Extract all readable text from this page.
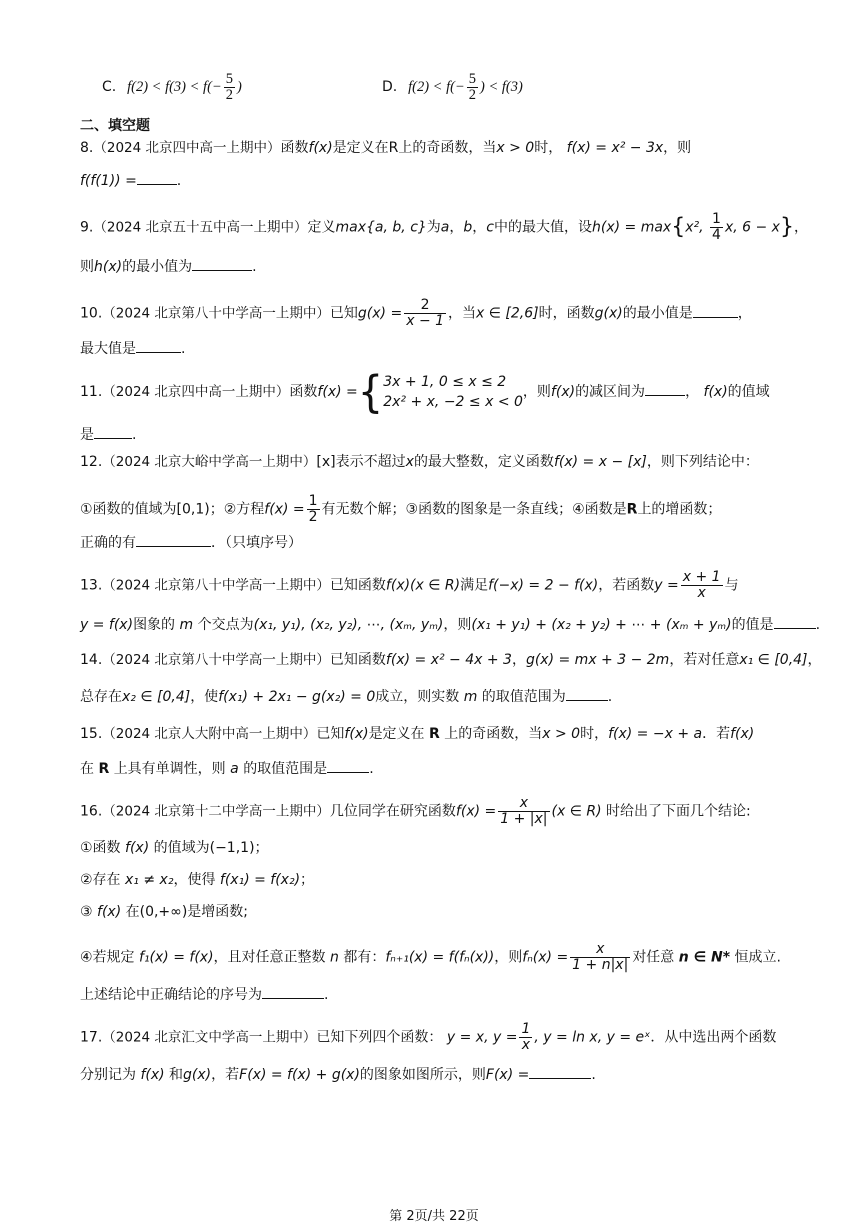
C. $f(2) < f(3) < f(- \frac{5}{2}$ )	D. $f(2) < f(- \frac{5}{2}$ ) < f(3)
二、填空题
8.（2024 北京四中高一上期中）函数f(x)是定义在R上的奇函数，当x > 0时， f(x) = x² − 3x，则
f(f(1)) =	.
9.（2024 北京五十五中高一上期中）定义max{a, b, c}为a，b，c中的最大值，设h(x) = max{x², $\frac{1}{4} x$, 6 − x}，
则h(x)的最小值为	.
10.（2024 北京第八十中学高一上期中）已知$g(x) = \frac{2}{x - 1}$ ，当x ∈ [2,6]时，函数g(x)的最小值是	，
最大值是	.
11.（2024 北京四中高一上期中）函数f(x) ={ 3x + 1, 0 ≤ x ≤ 2
2x² + x, −2 ≤ x < 0
，则f(x)的减区间为	， f(x)的值域
是	.
12.（2024 北京大峪中学高一上期中）[x]表示不超过x的最大整数，定义函数f(x) = x − [x]，则下列结论中：
①函数的值域为[0,1)；②方程$f(x) = \frac{1}{2}$ 有无数个解；③函数的图象是一条直线；④函数是R上的增函数；
正确的有	．（只填序号）
13.（2024 北京第八十中学高一上期中）已知函数f(x)(x ∈ R)满足f(−x) = 2 − f(x)，若函数$y = \frac{x + 1}{x}$ 与
y = f(x)图象的 m 个交点为(x₁, y₁), (x₂, y₂), ⋯, (xₘ, yₘ)，则(x₁ + y₁) + (x₂ + y₂) + ⋯ + (xₘ + yₘ)的值是	.
14.（2024 北京第八十中学高一上期中）已知函数f(x) = x² − 4x + 3，g(x) = mx + 3 − 2m，若对任意x₁ ∈ [0,4]，
总存在x₂ ∈ [0,4]，使f(x₁) + 2x₁ − g(x₂) = 0成立，则实数 m 的取值范围为	.
15.（2024 北京人大附中高一上期中）已知f(x)是定义在 R 上的奇函数，当x > 0时，f(x) = −x + a．若f(x)
在 R 上具有单调性，则 a 的取值范围是	.
16.（2024 北京第十二中学高一上期中）几位同学在研究函数$f(x) = \frac{x}{1 + |x|} (x$ ∈ R) 时给出了下面几个结论:
①函数 f(x) 的值域为(−1,1)；
②存在 x₁ ≠ x₂，使得 f(x₁) = f(x₂)；
③ f(x) 在(0,+∞)是增函数;
④若规定 f₁(x) = f(x)，且对任意正整数 n 都有：fₙ₊₁(x) = f(fₙ(x))，则$f_n(x) = \frac{x}{1 + n|x|}$ 对任意 n ∈ N* 恒成立.
上述结论中正确结论的序号为	.
17.（2024 北京汇文中学高一上期中）已知下列四个函数： y = x, $y = \frac{1}{x}$ , y = ln x, y = eˣ．从中选出两个函数
分别记为 f(x) 和g(x)，若F(x) = f(x) + g(x)的图象如图所示，则F(x) =	.
第 2页/共 22页
